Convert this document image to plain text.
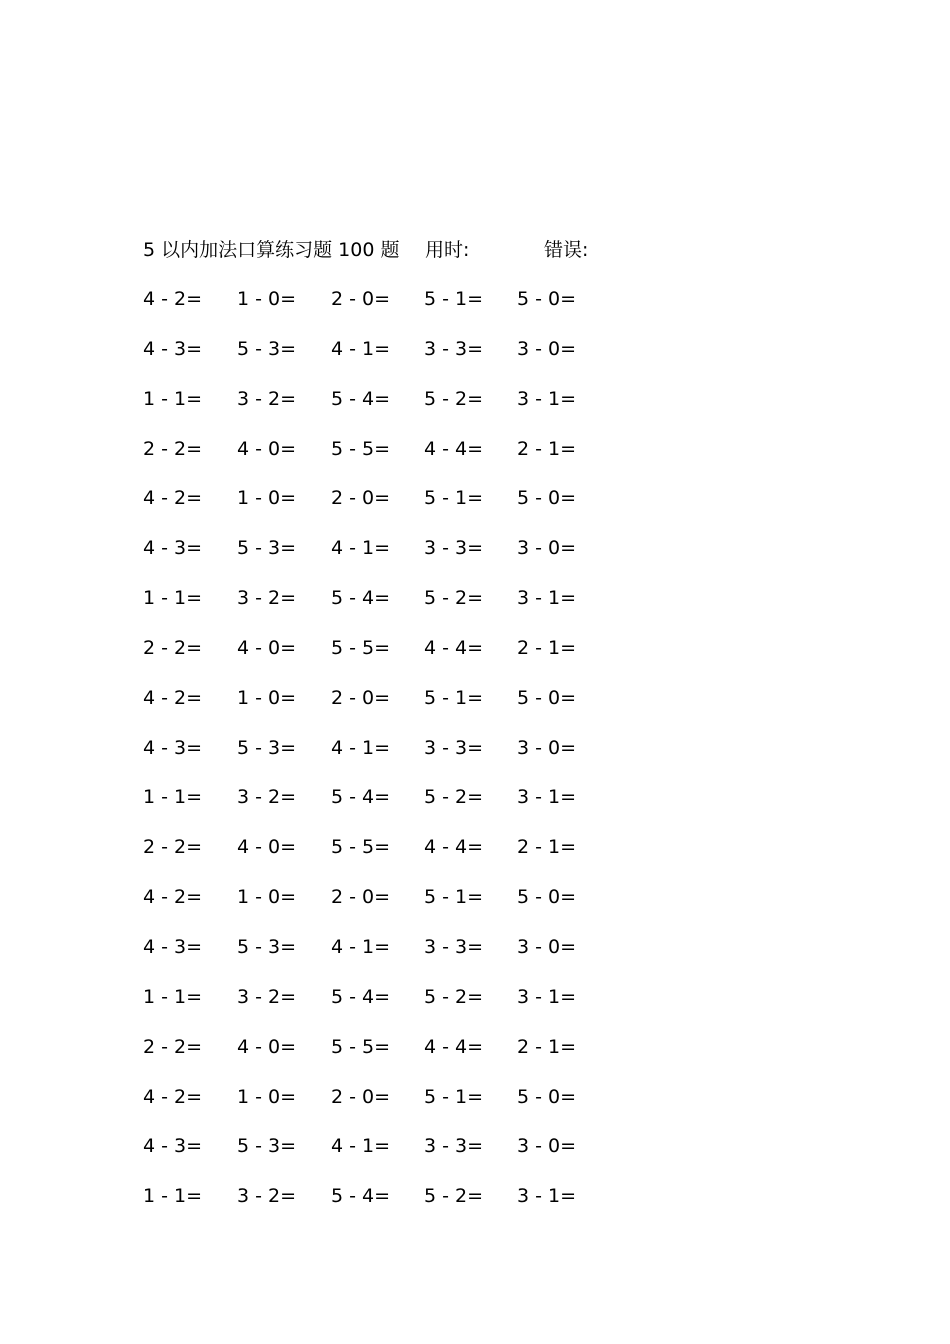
5 以内加法口算练习题 100 题 用时:	错误:
4 - 2= 1 - 0= 2 - 0= 5 - 1= 5 - 0=
4 - 3= 5 - 3= 4 - 1= 3 - 3= 3 - 0=
1 - 1= 3 - 2= 5 - 4= 5 - 2= 3 - 1=
2 - 2= 4 - 0= 5 - 5= 4 - 4= 2 - 1=
4 - 2= 1 - 0= 2 - 0= 5 - 1= 5 - 0=
4 - 3= 5 - 3= 4 - 1= 3 - 3= 3 - 0=
1 - 1= 3 - 2= 5 - 4= 5 - 2= 3 - 1=
2 - 2= 4 - 0= 5 - 5= 4 - 4= 2 - 1=
4 - 2= 1 - 0= 2 - 0= 5 - 1= 5 - 0=
4 - 3= 5 - 3= 4 - 1= 3 - 3= 3 - 0=
1 - 1= 3 - 2= 5 - 4= 5 - 2= 3 - 1=
2 - 2= 4 - 0= 5 - 5= 4 - 4= 2 - 1=
4 - 2= 1 - 0= 2 - 0= 5 - 1= 5 - 0=
4 - 3= 5 - 3= 4 - 1= 3 - 3= 3 - 0=
1 - 1= 3 - 2= 5 - 4= 5 - 2= 3 - 1=
2 - 2= 4 - 0= 5 - 5= 4 - 4= 2 - 1=
4 - 2= 1 - 0= 2 - 0= 5 - 1= 5 - 0=
4 - 3= 5 - 3= 4 - 1= 3 - 3= 3 - 0=
1 - 1= 3 - 2= 5 - 4= 5 - 2= 3 - 1=
